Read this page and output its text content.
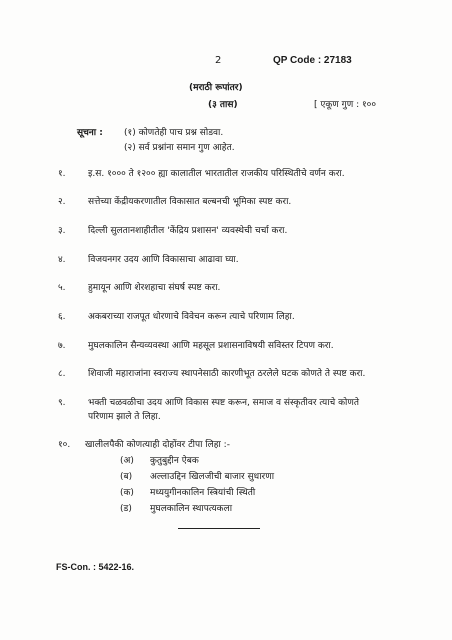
2	QP Code : 27183
(मराठी रूपांतर)
(३ तास)	[ एकूण गुण : १००
सूचना : (१) कोणतेही पाच प्रश्न सोडवा.
(२) सर्व प्रश्नांना समान गुण आहेत.
१. इ.स. १००० ते १२०० ह्या कालातील भारतातील राजकीय परिस्थितीचे वर्णन करा.
२. सत्तेच्या केंद्रीयकरणातील विकासात बल्बनची भूमिका स्पष्ट करा.
३. दिल्ली सुलतानशाहीतील 'केंद्रिय प्रशासन' व्यवस्थेची चर्चा करा.
४. विजयनगर उदय आणि विकासाचा आढावा घ्या.
५. हुमायून आणि शेरशहाचा संघर्ष स्पष्ट करा.
६. अकबराच्या राजपूत धोरणाचे विवेचन करून त्याचे परिणाम लिहा.
७. मुघलकालिन सैन्यव्यवस्था आणि महसूल प्रशासनाविषयी सविस्तर टिपण करा.
८. शिवाजी महाराजांना स्वराज्य स्थापनेसाठी कारणीभूत ठरलेले घटक कोणते ते स्पष्ट करा.
९. भक्ती चळवळीचा उदय आणि विकास स्पष्ट करून, समाज व संस्कृतीवर त्याचे कोणते
परिणाम झाले ते लिहा.
१०. खालीलपैकी कोणत्याही दोहोंवर टीपा लिहा :-
(अ) कुतुबुद्दीन ऐबक
(ब) अल्लाउद्दिन खिलजीची बाजार सुधारणा
(क) मध्ययुगीनकालिन स्त्रियांची स्थिती
(ड) मुघलकालिन स्थापत्यकला
FS-Con. : 5422-16.
